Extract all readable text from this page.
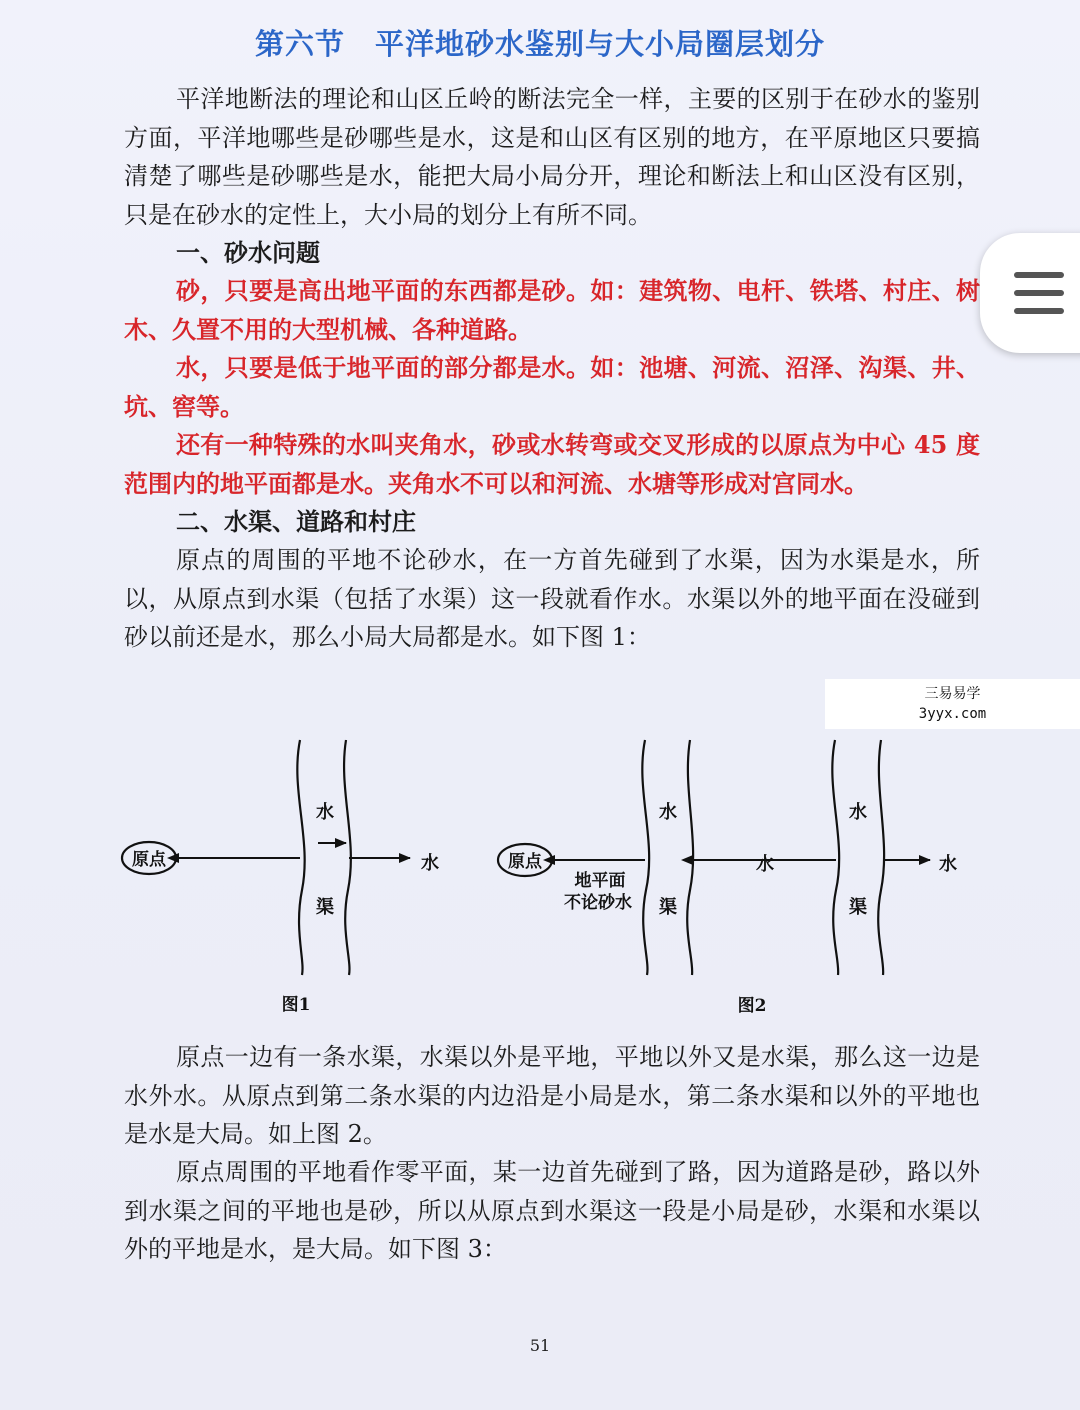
第六节 平洋地砂水鉴别与大小局圈层划分

平洋地断法的理论和山区丘岭的断法完全一样，主要的区别于在砂水的鉴别方面，平洋地哪些是砂哪些是水，这是和山区有区别的地方，在平原地区只要搞清楚了哪些是砂哪些是水，能把大局小局分开，理论和断法上和山区没有区别，只是在砂水的定性上，大小局的划分上有所不同。

一、砂水问题

砂，只要是高出地平面的东西都是砂。如：建筑物、电杆、铁塔、村庄、树木、久置不用的大型机械、各种道路。

水，只要是低于地平面的部分都是水。如：池塘、河流、沼泽、沟渠、井、坑、窖等。

还有一种特殊的水叫夹角水，砂或水转弯或交叉形成的以原点为中心 45 度范围内的地平面都是水。夹角水不可以和河流、水塘等形成对宫同水。

二、水渠、道路和村庄

原点的周围的平地不论砂水，在一方首先碰到了水渠，因为水渠是水，所以，从原点到水渠（包括了水渠）这一段就看作水。水渠以外的地平面在没碰到砂以前还是水，那么小局大局都是水。如下图 1：

原点
水
渠
水
图1
原点
水
渠
地平面
不论砂水
水
水
渠
水
图2

原点一边有一条水渠，水渠以外是平地，平地以外又是水渠，那么这一边是水外水。从原点到第二条水渠的内边沿是小局是水，第二条水渠和以外的平地也是水是大局。如上图 2。

原点周围的平地看作零平面，某一边首先碰到了路，因为道路是砂，路以外到水渠之间的平地也是砂，所以从原点到水渠这一段是小局是砂，水渠和水渠以外的平地是水，是大局。如下图 3：

51
三易易学
3yyx.com
